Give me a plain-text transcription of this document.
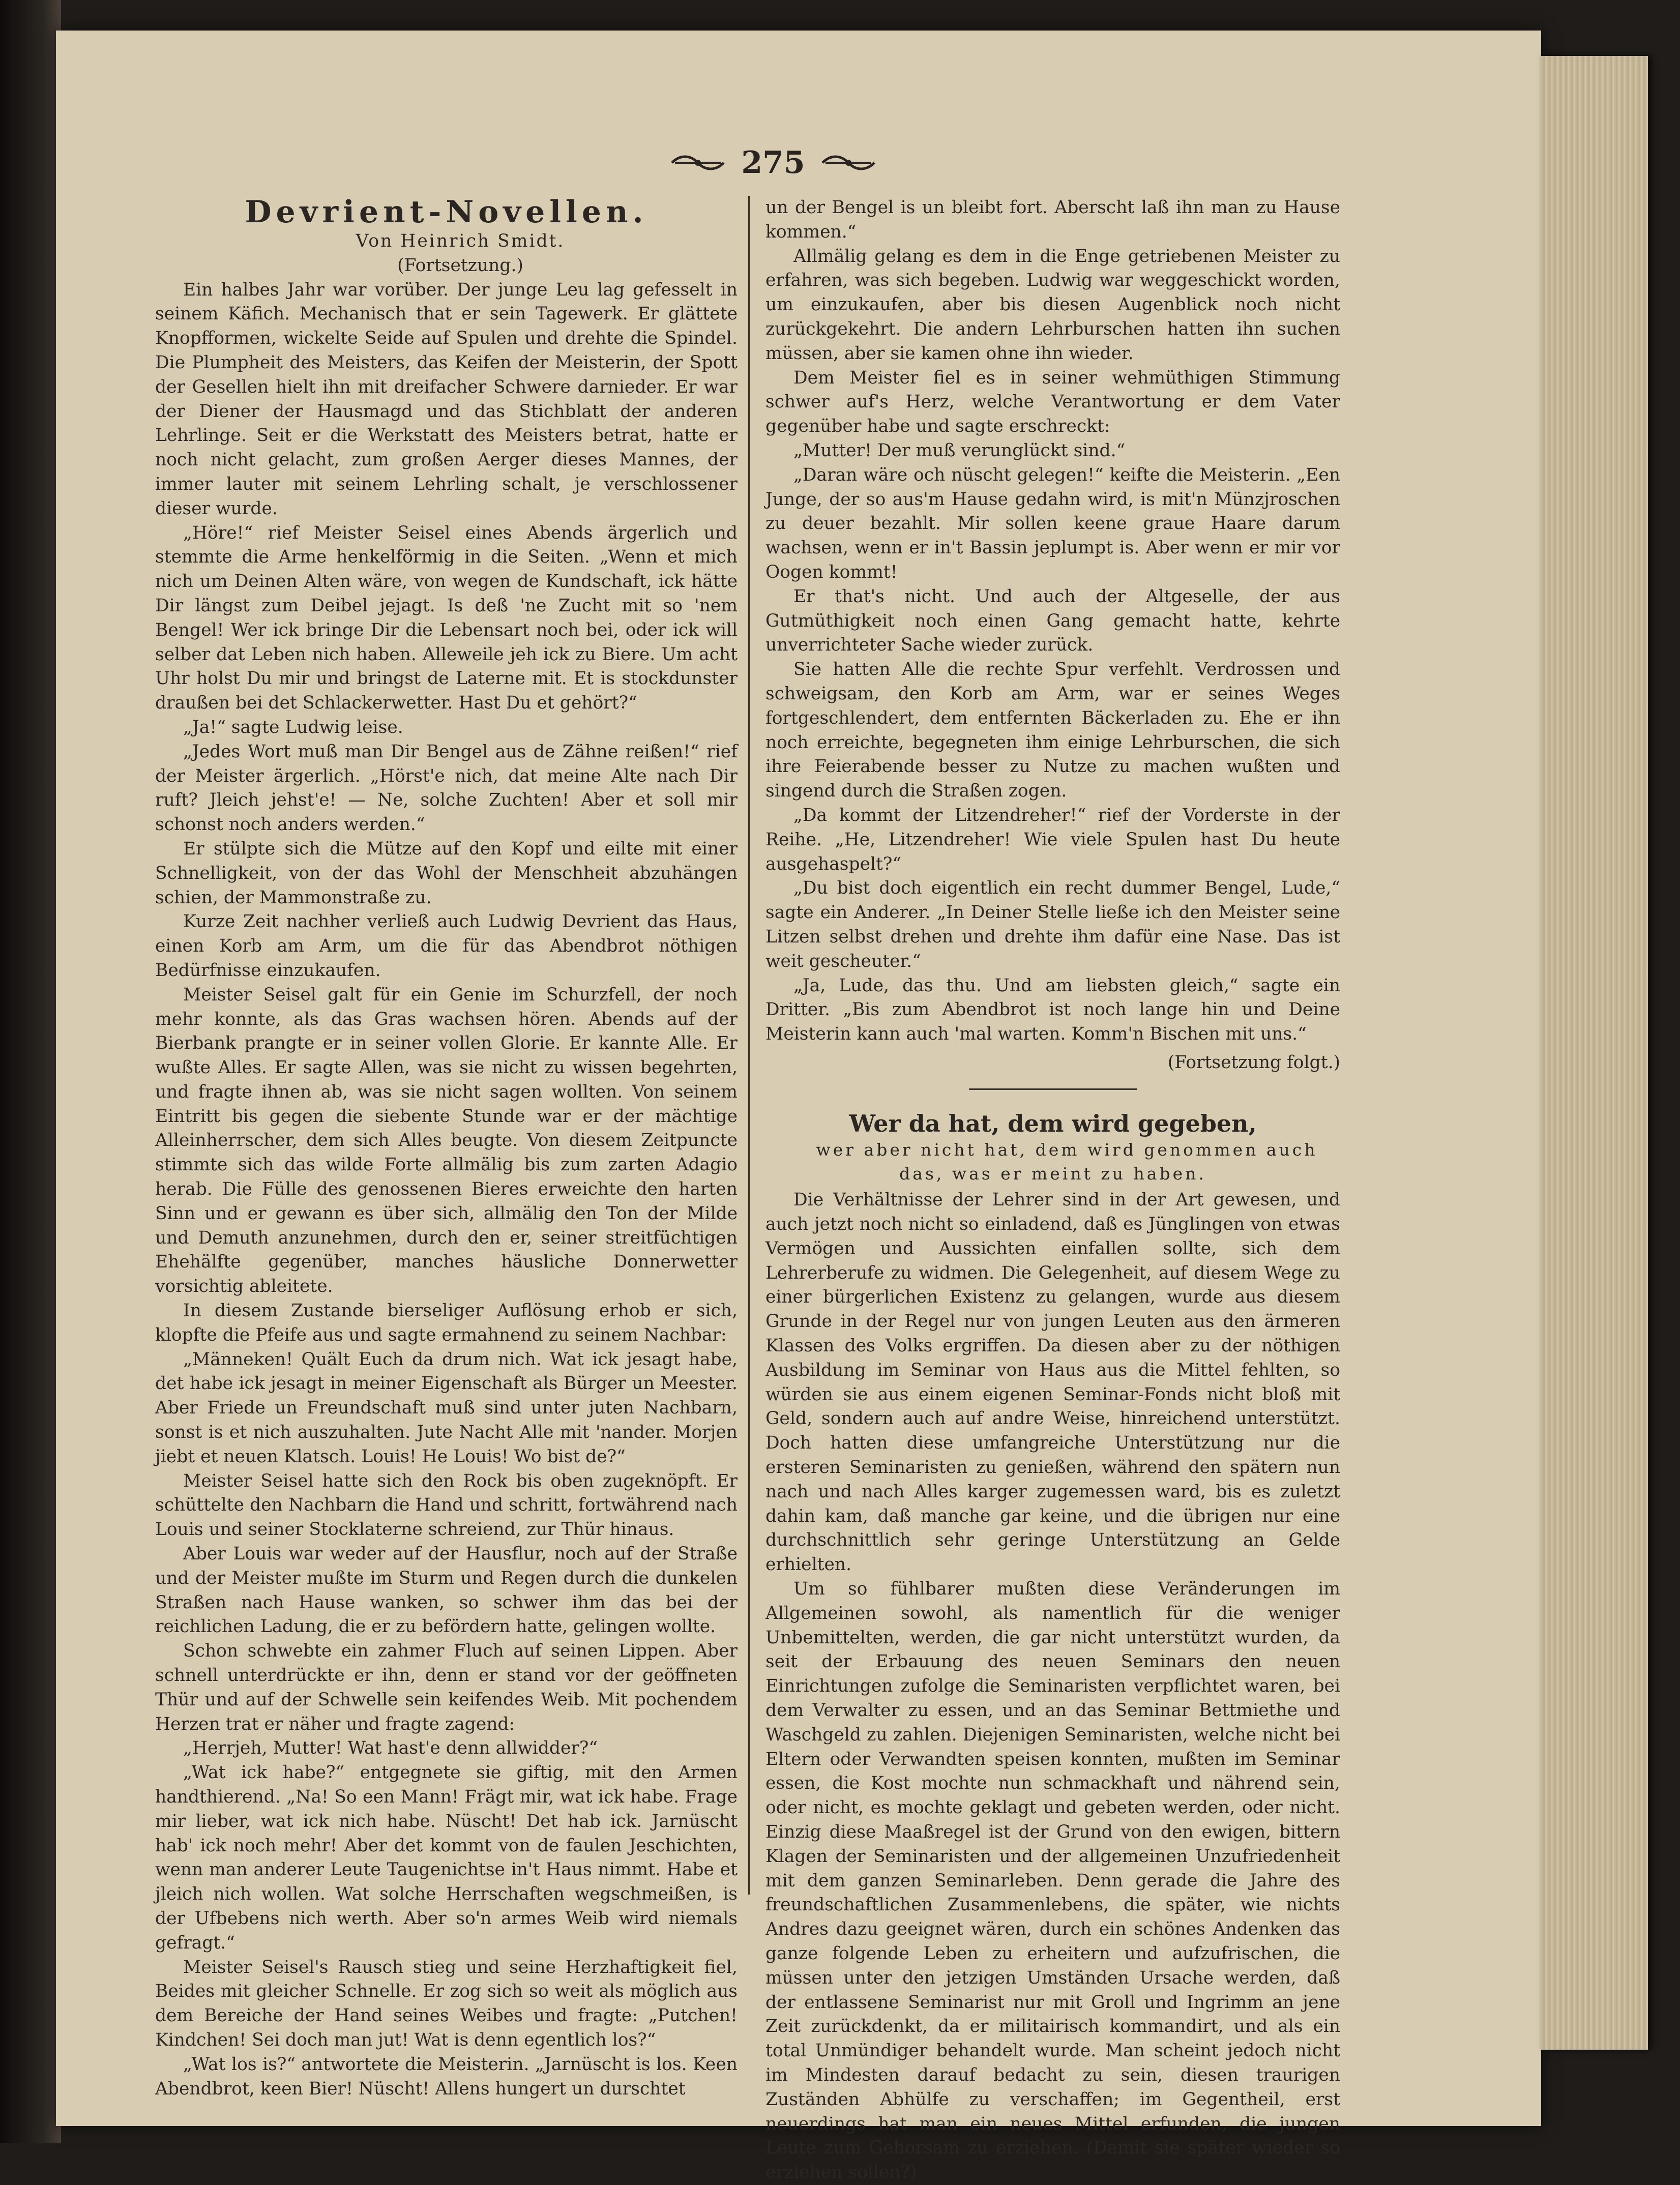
275
Devrient-Novellen.

Von Heinrich Smidt.

(Fortsetzung.)

Ein halbes Jahr war vorüber. Der junge Leu lag gefesselt in seinem Käfich. Mechanisch that er sein Tagewerk. Er glättete Knopfformen, wickelte Seide auf Spulen und drehte die Spindel. Die Plumpheit des Meisters, das Keifen der Meisterin, der Spott der Gesellen hielt ihn mit dreifacher Schwere darnieder. Er war der Diener der Hausmagd und das Stichblatt der anderen Lehrlinge. Seit er die Werkstatt des Meisters betrat, hatte er noch nicht gelacht, zum großen Aerger dieses Mannes, der immer lauter mit seinem Lehrling schalt, je verschlossener dieser wurde.

„Höre!“ rief Meister Seisel eines Abends ärgerlich und stemmte die Arme henkelförmig in die Seiten. „Wenn et mich nich um Deinen Alten wäre, von wegen de Kundschaft, ick hätte Dir längst zum Deibel jejagt. Is deß 'ne Zucht mit so 'nem Bengel! Wer ick bringe Dir die Lebensart noch bei, oder ick will selber dat Leben nich haben. Alleweile jeh ick zu Biere. Um acht Uhr holst Du mir und bringst de Laterne mit. Et is stockdunster draußen bei det Schlackerwetter. Hast Du et gehört?“

„Ja!“ sagte Ludwig leise.

„Jedes Wort muß man Dir Bengel aus de Zähne reißen!“ rief der Meister ärgerlich. „Hörst'e nich, dat meine Alte nach Dir ruft? Jleich jehst'e! — Ne, solche Zuchten! Aber et soll mir schonst noch anders werden.“

Er stülpte sich die Mütze auf den Kopf und eilte mit einer Schnelligkeit, von der das Wohl der Menschheit abzuhängen schien, der Mammonstraße zu.

Kurze Zeit nachher verließ auch Ludwig Devrient das Haus, einen Korb am Arm, um die für das Abendbrot nöthigen Bedürfnisse einzukaufen.

Meister Seisel galt für ein Genie im Schurzfell, der noch mehr konnte, als das Gras wachsen hören. Abends auf der Bierbank prangte er in seiner vollen Glorie. Er kannte Alle. Er wußte Alles. Er sagte Allen, was sie nicht zu wissen begehrten, und fragte ihnen ab, was sie nicht sagen wollten. Von seinem Eintritt bis gegen die siebente Stunde war er der mächtige Alleinherrscher, dem sich Alles beugte. Von diesem Zeitpuncte stimmte sich das wilde Forte allmälig bis zum zarten Adagio herab. Die Fülle des genossenen Bieres erweichte den harten Sinn und er gewann es über sich, allmälig den Ton der Milde und Demuth anzunehmen, durch den er, seiner streitfüchtigen Ehehälfte gegenüber, manches häusliche Donnerwetter vorsichtig ableitete.

In diesem Zustande bierseliger Auflösung erhob er sich, klopfte die Pfeife aus und sagte ermahnend zu seinem Nachbar:

„Männeken! Quält Euch da drum nich. Wat ick jesagt habe, det habe ick jesagt in meiner Eigenschaft als Bürger un Meester. Aber Friede un Freundschaft muß sind unter juten Nachbarn, sonst is et nich auszuhalten. Jute Nacht Alle mit 'nander. Morjen jiebt et neuen Klatsch. Louis! He Louis! Wo bist de?“

Meister Seisel hatte sich den Rock bis oben zugeknöpft. Er schüttelte den Nachbarn die Hand und schritt, fortwährend nach Louis und seiner Stocklaterne schreiend, zur Thür hinaus.

Aber Louis war weder auf der Hausflur, noch auf der Straße und der Meister mußte im Sturm und Regen durch die dunkelen Straßen nach Hause wanken, so schwer ihm das bei der reichlichen Ladung, die er zu befördern hatte, gelingen wollte.

Schon schwebte ein zahmer Fluch auf seinen Lippen. Aber schnell unterdrückte er ihn, denn er stand vor der geöffneten Thür und auf der Schwelle sein keifendes Weib. Mit pochendem Herzen trat er näher und fragte zagend:

„Herrjeh, Mutter! Wat hast'e denn allwidder?“

„Wat ick habe?“ entgegnete sie giftig, mit den Armen handthierend. „Na! So een Mann! Frägt mir, wat ick habe. Frage mir lieber, wat ick nich habe. Nüscht! Det hab ick. Jarnüscht hab' ick noch mehr! Aber det kommt von de faulen Jeschichten, wenn man anderer Leute Taugenichtse in't Haus nimmt. Habe et jleich nich wollen. Wat solche Herrschaften wegschmeißen, is der Ufbebens nich werth. Aber so'n armes Weib wird niemals gefragt.“

Meister Seisel's Rausch stieg und seine Herzhaftigkeit fiel, Beides mit gleicher Schnelle. Er zog sich so weit als möglich aus dem Bereiche der Hand seines Weibes und fragte: „Putchen! Kindchen! Sei doch man jut! Wat is denn egentlich los?“

„Wat los is?“ antwortete die Meisterin. „Jarnüscht is los. Keen Abendbrot, keen Bier! Nüscht! Allens hungert un durschtet

un der Bengel is un bleibt fort. Aberscht laß ihn man zu Hause kommen.“

Allmälig gelang es dem in die Enge getriebenen Meister zu erfahren, was sich begeben. Ludwig war weggeschickt worden, um einzukaufen, aber bis diesen Augenblick noch nicht zurückgekehrt. Die andern Lehrburschen hatten ihn suchen müssen, aber sie kamen ohne ihn wieder.

Dem Meister fiel es in seiner wehmüthigen Stimmung schwer auf's Herz, welche Verantwortung er dem Vater gegenüber habe und sagte erschreckt:

„Mutter! Der muß verunglückt sind.“

„Daran wäre och nüscht gelegen!“ keifte die Meisterin. „Een Junge, der so aus'm Hause gedahn wird, is mit'n Münzjroschen zu deuer bezahlt. Mir sollen keene graue Haare darum wachsen, wenn er in't Bassin jeplumpt is. Aber wenn er mir vor Oogen kommt!

Er that's nicht. Und auch der Altgeselle, der aus Gutmüthigkeit noch einen Gang gemacht hatte, kehrte unverrichteter Sache wieder zurück.

Sie hatten Alle die rechte Spur verfehlt. Verdrossen und schweigsam, den Korb am Arm, war er seines Weges fortgeschlendert, dem entfernten Bäckerladen zu. Ehe er ihn noch erreichte, begegneten ihm einige Lehrburschen, die sich ihre Feierabende besser zu Nutze zu machen wußten und singend durch die Straßen zogen.

„Da kommt der Litzendreher!“ rief der Vorderste in der Reihe. „He, Litzendreher! Wie viele Spulen hast Du heute ausgehaspelt?“

„Du bist doch eigentlich ein recht dummer Bengel, Lude,“ sagte ein Anderer. „In Deiner Stelle ließe ich den Meister seine Litzen selbst drehen und drehte ihm dafür eine Nase. Das ist weit gescheuter.“

„Ja, Lude, das thu. Und am liebsten gleich,“ sagte ein Dritter. „Bis zum Abendbrot ist noch lange hin und Deine Meisterin kann auch 'mal warten. Komm'n Bischen mit uns.“

(Fortsetzung folgt.)
Wer da hat, dem wird gegeben,

wer aber nicht hat, dem wird genommen auch das, was er meint zu haben.

Die Verhältnisse der Lehrer sind in der Art gewesen, und auch jetzt noch nicht so einladend, daß es Jünglingen von etwas Vermögen und Aussichten einfallen sollte, sich dem Lehrerberufe zu widmen. Die Gelegenheit, auf diesem Wege zu einer bürgerlichen Existenz zu gelangen, wurde aus diesem Grunde in der Regel nur von jungen Leuten aus den ärmeren Klassen des Volks ergriffen. Da diesen aber zu der nöthigen Ausbildung im Seminar von Haus aus die Mittel fehlten, so würden sie aus einem eigenen Seminar-Fonds nicht bloß mit Geld, sondern auch auf andre Weise, hinreichend unterstützt. Doch hatten diese umfangreiche Unterstützung nur die ersteren Seminaristen zu genießen, während den spätern nun nach und nach Alles karger zugemessen ward, bis es zuletzt dahin kam, daß manche gar keine, und die übrigen nur eine durchschnittlich sehr geringe Unterstützung an Gelde erhielten.

Um so fühlbarer mußten diese Veränderungen im Allgemeinen sowohl, als namentlich für die weniger Unbemittelten, werden, die gar nicht unterstützt wurden, da seit der Erbauung des neuen Seminars den neuen Einrichtungen zufolge die Seminaristen verpflichtet waren, bei dem Verwalter zu essen, und an das Seminar Bettmiethe und Waschgeld zu zahlen. Diejenigen Seminaristen, welche nicht bei Eltern oder Verwandten speisen konnten, mußten im Seminar essen, die Kost mochte nun schmackhaft und nährend sein, oder nicht, es mochte geklagt und gebeten werden, oder nicht. Einzig diese Maaßregel ist der Grund von den ewigen, bittern Klagen der Seminaristen und der allgemeinen Unzufriedenheit mit dem ganzen Seminarleben. Denn gerade die Jahre des freundschaftlichen Zusammenlebens, die später, wie nichts Andres dazu geeignet wären, durch ein schönes Andenken das ganze folgende Leben zu erheitern und aufzufrischen, die müssen unter den jetzigen Umständen Ursache werden, daß der entlassene Seminarist nur mit Groll und Ingrimm an jene Zeit zurückdenkt, da er militairisch kommandirt, und als ein total Unmündiger behandelt wurde. Man scheint jedoch nicht im Mindesten darauf bedacht zu sein, diesen traurigen Zuständen Abhülfe zu verschaffen; im Gegentheil, erst neuerdings hat man ein neues Mittel erfunden, die jungen Leute zum Gehorsam zu erziehen. (Damit sie später wieder so erziehen sollen?)
